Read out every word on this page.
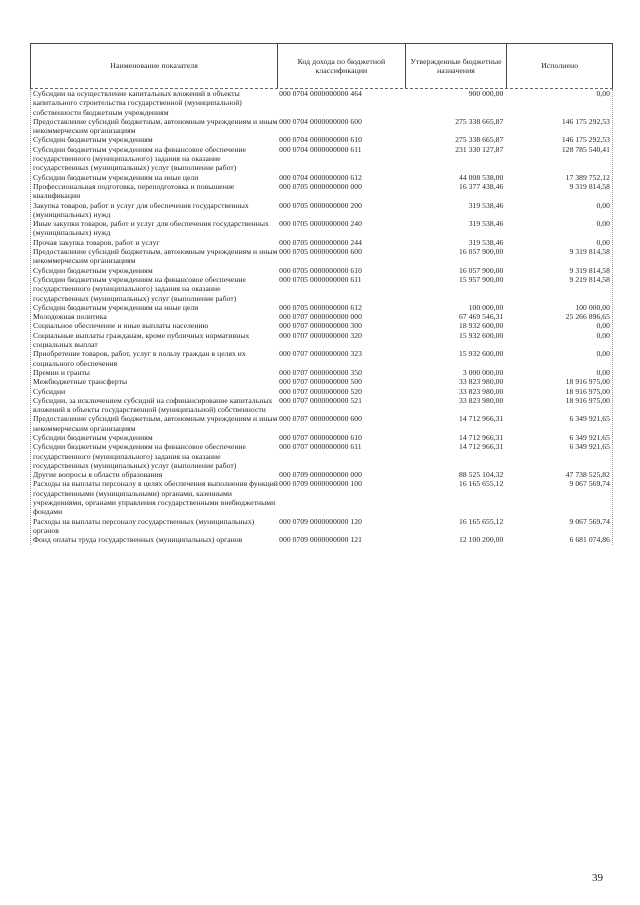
Наименование показателя
Код дохода по бюджетной классификации
Утвержденные бюджетные назначения
Исполнено
Субсидии на осуществление капитальных вложений в объекты капитального строительства государственной (муниципальной) собственности бюджетным учреждениям
000 0704 0000000000 464	900 000,00	0,00
Предоставление субсидий бюджетным, автономным учреждениям и иным некоммерческим организациям
000 0704 0000000000 600	275 338 665,87	146 175 292,53
Субсидии бюджетным учреждениям	000 0704 0000000000 610	275 338 665,87	146 175 292,53
Субсидии бюджетным учреждениям на финансовое обеспечение государственного (муниципального) задания на оказание государственных (муниципальных) услуг (выполнение работ)
000 0704 0000000000 611	231 330 127,87	128 785 540,41
Субсидии бюджетным учреждениям на иные цели	000 0704 0000000000 612	44 008 538,00	17 389 752,12
Профессиональная подготовка, переподготовка и повышение квалификации
000 0705 0000000000 000	16 377 438,46	9 319 814,58
Закупка товаров, работ и услуг для обеспечения государственных (муниципальных) нужд
000 0705 0000000000 200	319 538,46	0,00
Иные закупки товаров, работ и услуг для обеспечения государственных (муниципальных) нужд
000 0705 0000000000 240	319 538,46	0,00
Прочая закупка товаров, работ и услуг	000 0705 0000000000 244	319 538,46	0,00
Предоставление субсидий бюджетным, автономным учреждениям и иным некоммерческим организациям
000 0705 0000000000 600	16 057 900,00	9 319 814,58
Субсидии бюджетным учреждениям	000 0705 0000000000 610	16 057 900,00	9 319 814,58
Субсидии бюджетным учреждениям на финансовое обеспечение государственного (муниципального) задания на оказание государственных (муниципальных) услуг (выполнение работ)
000 0705 0000000000 611	15 957 900,00	9 219 814,58
Субсидии бюджетным учреждениям на иные цели	000 0705 0000000000 612	100 000,00	100 000,00
Молодежная политика	000 0707 0000000000 000	67 469 546,31	25 266 896,65
Социальное обеспечение и иные выплаты населению	000 0707 0000000000 300	18 932 600,00	0,00
Социальные выплаты гражданам, кроме публичных нормативных социальных выплат
000 0707 0000000000 320	15 932 600,00	0,00
Приобретение товаров, работ, услуг в пользу граждан в целях их социального обеспечения
000 0707 0000000000 323	15 932 600,00	0,00
Премии и гранты	000 0707 0000000000 350	3 000 000,00	0,00
Межбюджетные трансферты	000 0707 0000000000 500	33 823 980,00	18 916 975,00
Субсидии	000 0707 0000000000 520	33 823 980,00	18 916 975,00
Субсидии, за исключением субсидий на софинансирование капитальных вложений в объекты государственной (муниципальной) собственности
000 0707 0000000000 521	33 823 980,00	18 916 975,00
Предоставление субсидий бюджетным, автономным учреждениям и иным некоммерческим организациям
000 0707 0000000000 600	14 712 966,31	6 349 921,65
Субсидии бюджетным учреждениям	000 0707 0000000000 610	14 712 966,31	6 349 921,65
Субсидии бюджетным учреждениям на финансовое обеспечение государственного (муниципального) задания на оказание государственных (муниципальных) услуг (выполнение работ)
000 0707 0000000000 611	14 712 966,31	6 349 921,65
Другие вопросы в области образования	000 0709 0000000000 000	88 525 104,32	47 738 525,82
Расходы на выплаты персоналу в целях обеспечения выполнения функций государственными (муниципальными) органами, казенными учреждениями, органами управления государственными внебюджетными фондами
000 0709 0000000000 100	16 165 655,12	9 067 569,74
Расходы на выплаты персоналу государственных (муниципальных) органов
000 0709 0000000000 120	16 165 655,12	9 067 569,74
Фонд оплаты труда государственных (муниципальных) органов	000 0709 0000000000 121	12 100 200,00	6 681 074,86
39
